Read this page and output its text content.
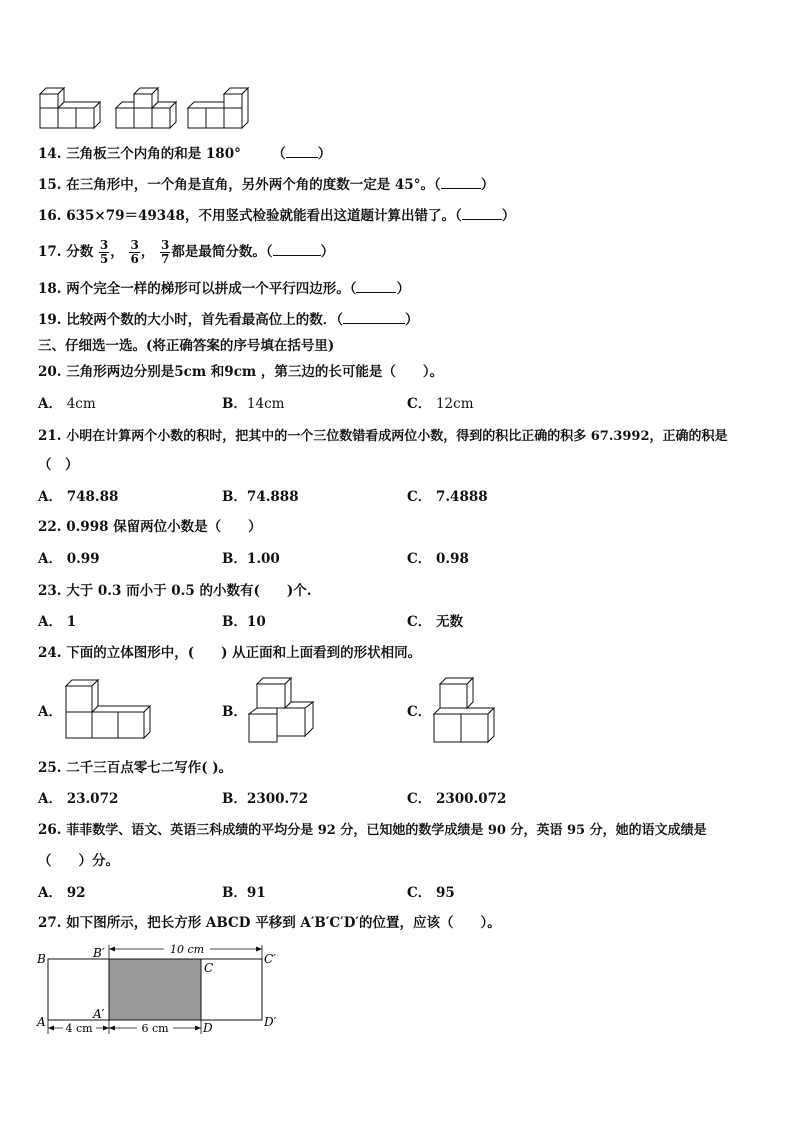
14. 三角板三个内角的和是 180° （ ）
15. 在三角形中，一个角是直角，另外两个角的度数一定是 45°。（	）
16. 635×79＝49348，不用竖式检验就能看出这道题计算出错了。（	）
17. 分数 $\frac{3}{5}$ ， $\frac{3}{6}$ ， $\frac{3}{7}$ 都是最简分数。（	）
18. 两个完全一样的梯形可以拼成一个平行四边形。（	）
19. 比较两个数的大小时，首先看最高位上的数．（	）
三、仔细选一选。(将正确答案的序号填在括号里)
20. 三角形两边分别是5cm 和9cm ，第三边的长可能是（　　）。
A． 4cm	B．14cm	C． 12cm
21. 小明在计算两个小数的积时，把其中的一个三位数错看成两位小数，得到的积比正确的积多 67.3992，正确的积是
（　）
A． 748.88	B．74.888	C． 7.4888
22. 0.998 保留两位小数是（　　）
A． 0.99	B．1.00	C． 0.98
23. 大于 0.3 而小于 0.5 的小数有(　　)个.
A． 1	B．10	C． 无数
24. 下面的立体图形中，(　　) 从正面和上面看到的形状相同。
A．	B．	C．
25. 二千三百点零七二写作( )。
A． 23.072	B．2300.72	C． 2300.072
26. 菲菲数学、语文、英语三科成绩的平均分是 92 分，已知她的数学成绩是 90 分，英语 95 分，她的语文成绩是
（　　）分。
A． 92	B．91	C． 95
27. 如下图所示，把长方形 ABCD 平移到 A′B′C′D′的位置，应该（　　）。
10 cm
4 cm	6 cm
B	B′
C
C′
A
A′
D	D′
